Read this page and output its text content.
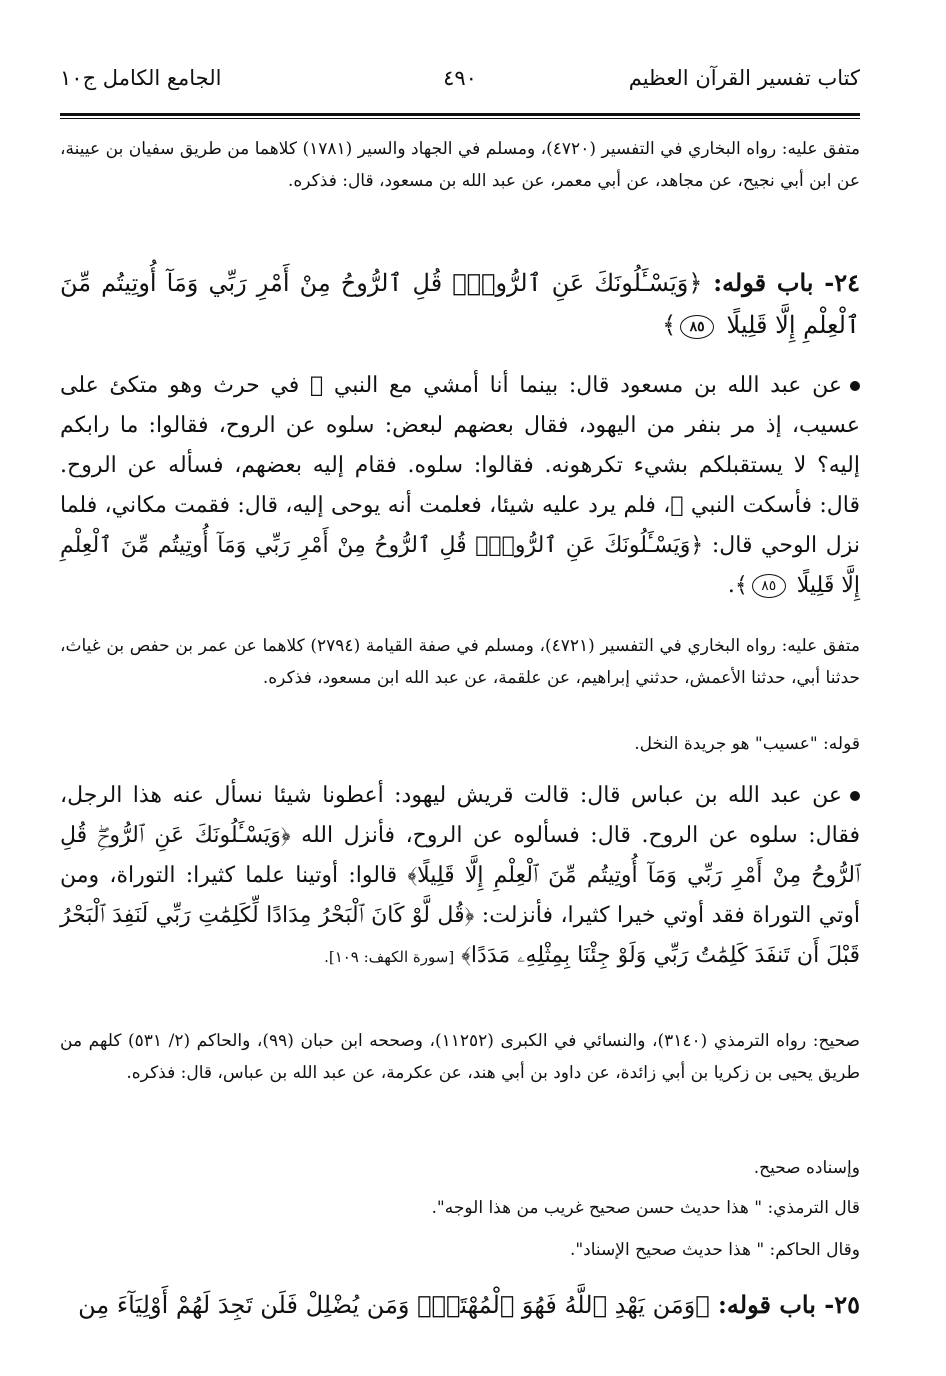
كتاب تفسير القرآن العظيم
٤٩٠
الجامع الكامل ج١٠
متفق عليه: رواه البخاري في التفسير (٤٧٢٠)، ومسلم في الجهاد والسير (١٧٨١) كلاهما من طريق سفيان بن عيينة، عن ابن أبي نجيح، عن مجاهد، عن أبي معمر، عن عبد الله بن مسعود، قال: فذكره.
٢٤- باب قوله: ﴿وَيَسْـَٔلُونَكَ عَنِ ٱلرُّوحِۖ قُلِ ٱلرُّوحُ مِنْ أَمْرِ رَبِّي وَمَآ أُوتِيتُم مِّنَ ٱلْعِلْمِ إِلَّا قَلِيلًا ٨٥﴾
عن عبد الله بن مسعود قال: بينما أنا أمشي مع النبي ﷺ في حرث وهو متكئ على عسيب، إذ مر بنفر من اليهود، فقال بعضهم لبعض: سلوه عن الروح، فقالوا: ما رابكم إليه؟ لا يستقبلكم بشيء تكرهونه. فقالوا: سلوه. فقام إليه بعضهم، فسأله عن الروح. قال: فأسكت النبي ﷺ، فلم يرد عليه شيئا، فعلمت أنه يوحى إليه، قال: فقمت مكاني، فلما نزل الوحي قال: ﴿وَيَسْـَٔلُونَكَ عَنِ ٱلرُّوحِۖ قُلِ ٱلرُّوحُ مِنْ أَمْرِ رَبِّي وَمَآ أُوتِيتُم مِّنَ ٱلْعِلْمِ إِلَّا قَلِيلًا ٨٥﴾.
متفق عليه: رواه البخاري في التفسير (٤٧٢١)، ومسلم في صفة القيامة (٢٧٩٤) كلاهما عن عمر بن حفص بن غياث، حدثنا أبي، حدثنا الأعمش، حدثني إبراهيم، عن علقمة، عن عبد الله ابن مسعود، فذكره.
قوله: "عسيب" هو جريدة النخل.
عن عبد الله بن عباس قال: قالت قريش ليهود: أعطونا شيئا نسأل عنه هذا الرجل، فقال: سلوه عن الروح. قال: فسألوه عن الروح، فأنزل الله ﴿وَيَسْـَٔلُونَكَ عَنِ ٱلرُّوحِۖ قُلِ ٱلرُّوحُ مِنْ أَمْرِ رَبِّي وَمَآ أُوتِيتُم مِّنَ ٱلْعِلْمِ إِلَّا قَلِيلًا﴾ قالوا: أوتينا علما كثيرا: التوراة، ومن أوتي التوراة فقد أوتي خيرا كثيرا، فأنزلت: ﴿قُل لَّوْ كَانَ ٱلْبَحْرُ مِدَادًا لِّكَلِمَٰتِ رَبِّي لَنَفِدَ ٱلْبَحْرُ قَبْلَ أَن تَنفَدَ كَلِمَٰتُ رَبِّي وَلَوْ جِئْنَا بِمِثْلِهِۦ مَدَدًا﴾ [سورة الكهف: ١٠٩].
صحيح: رواه الترمذي (٣١٤٠)، والنسائي في الكبرى (١١٢٥٢)، وصححه ابن حبان (٩٩)، والحاكم (٢/ ٥٣١) كلهم من طريق يحيى بن زكريا بن أبي زائدة، عن داود بن أبي هند، عن عكرمة، عن عبد الله بن عباس، قال: فذكره.
وإسناده صحيح.
قال الترمذي: " هذا حديث حسن صحيح غريب من هذا الوجه".
وقال الحاكم: " هذا حديث صحيح الإسناد".
٢٥- باب قوله: ﴿وَمَن يَهْدِ ٱللَّهُ فَهُوَ ٱلْمُهْتَدِۖ وَمَن يُضْلِلْ فَلَن تَجِدَ لَهُمْ أَوْلِيَآءَ مِن
